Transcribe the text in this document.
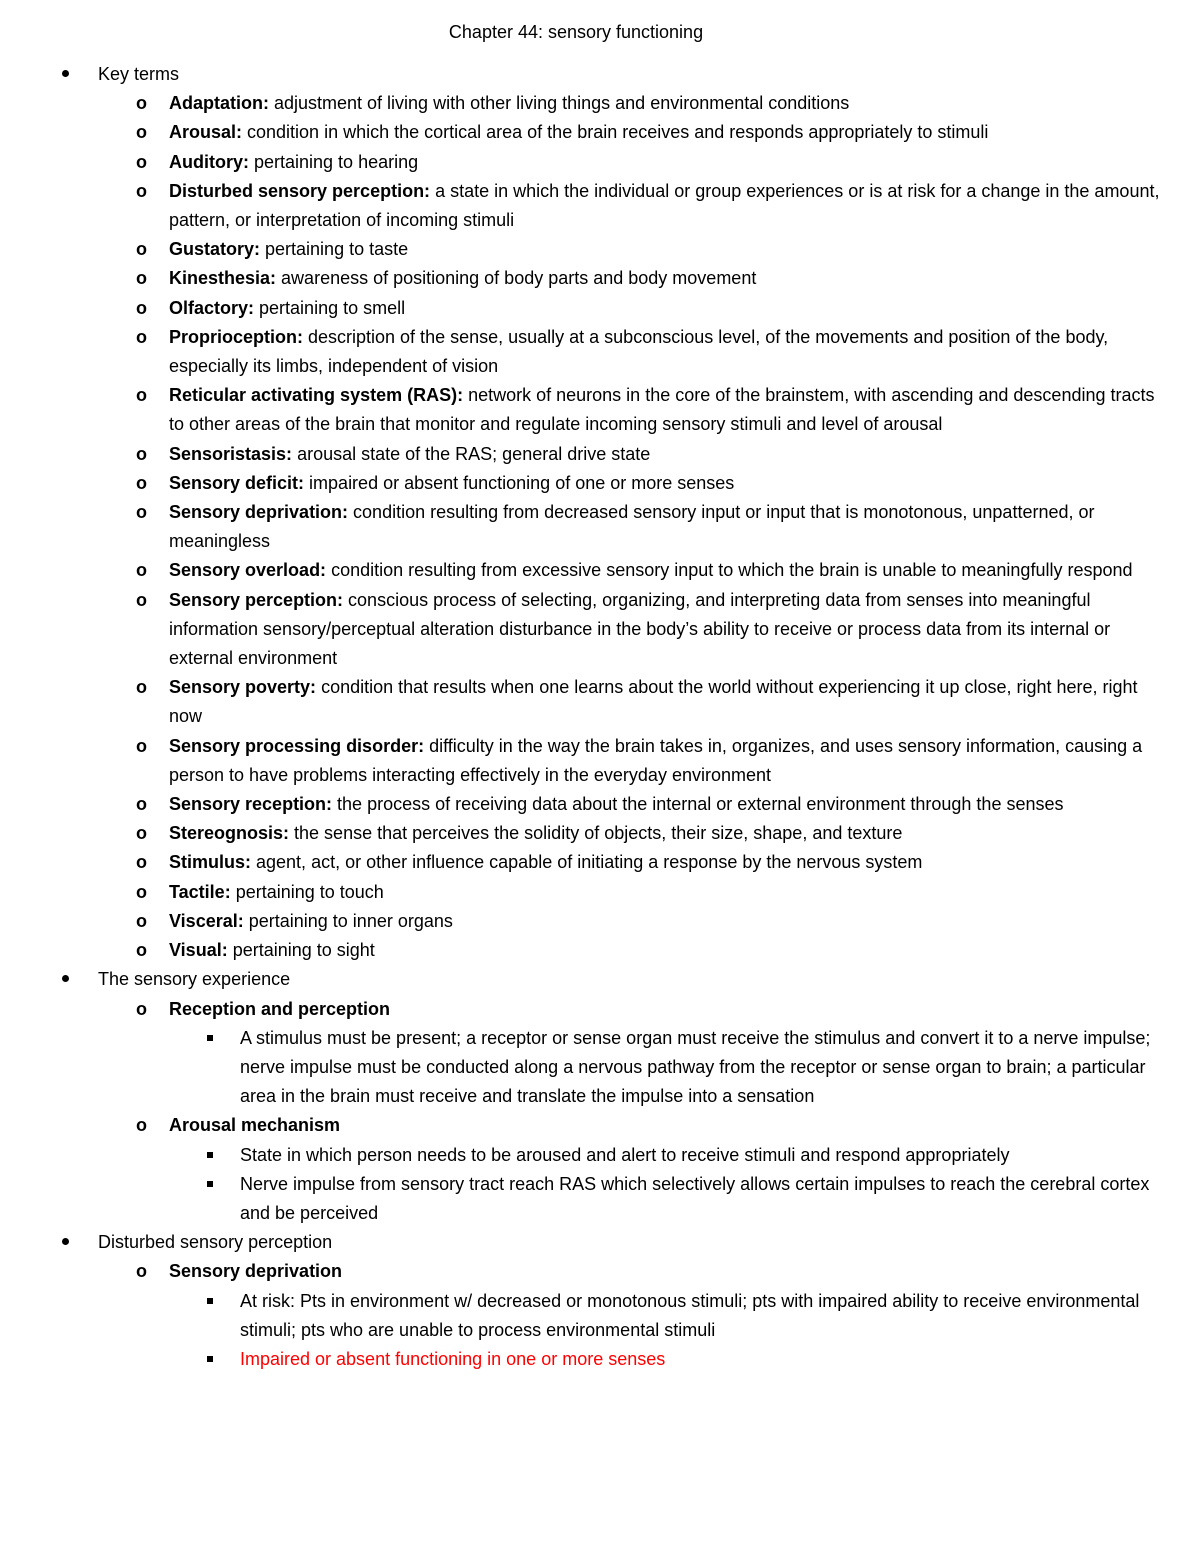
Chapter 44: sensory functioning
Key terms
o Adaptation: adjustment of living with other living things and environmental conditions
o Arousal: condition in which the cortical area of the brain receives and responds appropriately to stimuli
o Auditory: pertaining to hearing
o Disturbed sensory perception: a state in which the individual or group experiences or is at risk for a change in the amount, pattern, or interpretation of incoming stimuli
o Gustatory: pertaining to taste
o Kinesthesia: awareness of positioning of body parts and body movement
o Olfactory: pertaining to smell
o Proprioception: description of the sense, usually at a subconscious level, of the movements and position of the body, especially its limbs, independent of vision
o Reticular activating system (RAS): network of neurons in the core of the brainstem, with ascending and descending tracts to other areas of the brain that monitor and regulate incoming sensory stimuli and level of arousal
o Sensoristasis: arousal state of the RAS; general drive state
o Sensory deficit: impaired or absent functioning of one or more senses
o Sensory deprivation: condition resulting from decreased sensory input or input that is monotonous, unpatterned, or meaningless
o Sensory overload: condition resulting from excessive sensory input to which the brain is unable to meaningfully respond
o Sensory perception: conscious process of selecting, organizing, and interpreting data from senses into meaningful information sensory/perceptual alteration disturbance in the body’s ability to receive or process data from its internal or external environment
o Sensory poverty: condition that results when one learns about the world without experiencing it up close, right here, right now
o Sensory processing disorder: difficulty in the way the brain takes in, organizes, and uses sensory information, causing a person to have problems interacting effectively in the everyday environment
o Sensory reception: the process of receiving data about the internal or external environment through the senses
o Stereognosis: the sense that perceives the solidity of objects, their size, shape, and texture
o Stimulus: agent, act, or other influence capable of initiating a response by the nervous system
o Tactile: pertaining to touch
o Visceral: pertaining to inner organs
o Visual: pertaining to sight
The sensory experience
o Reception and perception
A stimulus must be present; a receptor or sense organ must receive the stimulus and convert it to a nerve impulse; nerve impulse must be conducted along a nervous pathway from the receptor or sense organ to brain; a particular area in the brain must receive and translate the impulse into a sensation
o Arousal mechanism
State in which person needs to be aroused and alert to receive stimuli and respond appropriately
Nerve impulse from sensory tract reach RAS which selectively allows certain impulses to reach the cerebral cortex and be perceived
Disturbed sensory perception
o Sensory deprivation
At risk: Pts in environment w/ decreased or monotonous stimuli; pts with impaired ability to receive environmental stimuli; pts who are unable to process environmental stimuli
Impaired or absent functioning in one or more senses
